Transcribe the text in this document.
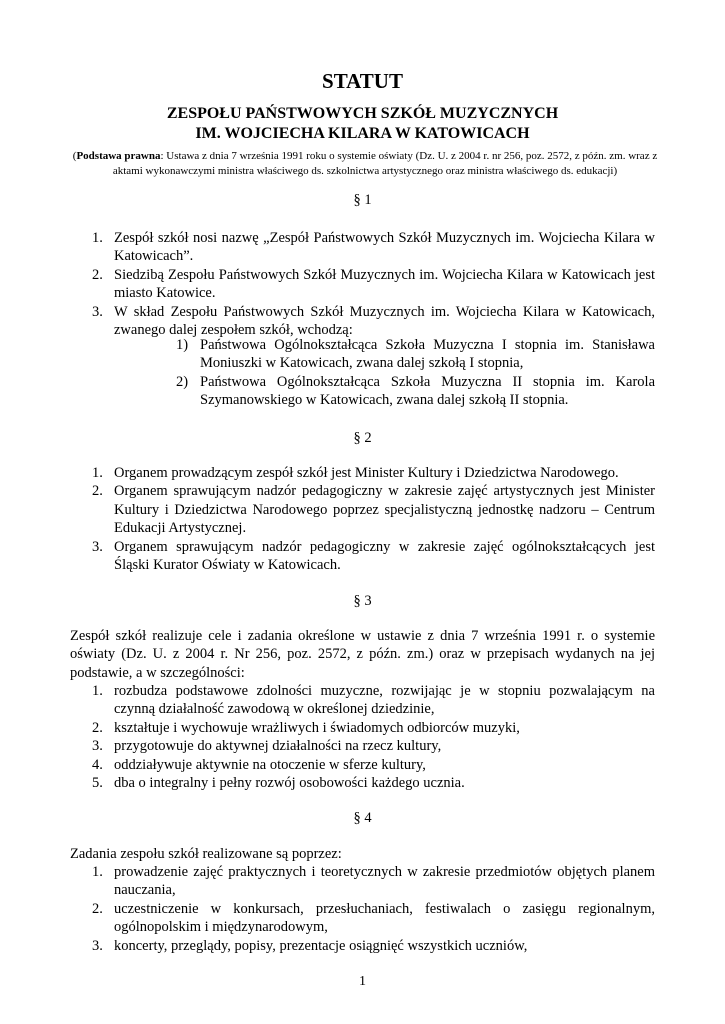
STATUT
ZESPOŁU PAŃSTWOWYCH SZKÓŁ MUZYCZNYCH
IM. WOJCIECHA KILARA W KATOWICACH
(Podstawa prawna: Ustawa z dnia 7 września 1991 roku o systemie oświaty (Dz. U. z 2004 r. nr 256, poz. 2572, z późn. zm. wraz z aktami wykonawczymi ministra właściwego ds. szkolnictwa artystycznego oraz ministra właściwego ds. edukacji)
§ 1
1. Zespół szkół nosi nazwę „Zespół Państwowych Szkół Muzycznych im. Wojciecha Kilara w Katowicach”.
2. Siedzibą Zespołu Państwowych Szkół Muzycznych im. Wojciecha Kilara w Katowicach jest miasto Katowice.
3. W skład Zespołu Państwowych Szkół Muzycznych im. Wojciecha Kilara w Katowicach, zwanego dalej zespołem szkół, wchodzą:
1) Państwowa Ogólnokształcąca Szkoła Muzyczna I stopnia im. Stanisława Moniuszki w Katowicach, zwana dalej szkołą I stopnia,
2) Państwowa Ogólnokształcąca Szkoła Muzyczna II stopnia im. Karola Szymanowskiego w Katowicach, zwana dalej szkołą II stopnia.
§ 2
1. Organem prowadzącym zespół szkół jest Minister Kultury i Dziedzictwa Narodowego.
2. Organem sprawującym nadzór pedagogiczny w zakresie zajęć artystycznych jest Minister Kultury i Dziedzictwa Narodowego poprzez specjalistyczną jednostkę nadzoru – Centrum Edukacji Artystycznej.
3. Organem sprawującym nadzór pedagogiczny w zakresie zajęć ogólnokształcących jest Śląski Kurator Oświaty w Katowicach.
§ 3
Zespół szkół realizuje cele i zadania określone w ustawie z dnia 7 września 1991 r. o systemie oświaty (Dz. U. z 2004 r. Nr 256, poz. 2572, z późn. zm.) oraz w przepisach wydanych na jej podstawie, a w szczególności:
1. rozbudza podstawowe zdolności muzyczne, rozwijając je w stopniu pozwalającym na czynną działalność zawodową w określonej dziedzinie,
2. kształtuje i wychowuje wrażliwych i świadomych odbiorców muzyki,
3. przygotowuje do aktywnej działalności na rzecz kultury,
4. oddziaływuje aktywnie na otoczenie w sferze kultury,
5. dba o integralny i pełny rozwój osobowości każdego ucznia.
§ 4
Zadania zespołu szkół realizowane są poprzez:
1. prowadzenie zajęć praktycznych i teoretycznych w zakresie przedmiotów objętych planem nauczania,
2. uczestniczenie w konkursach, przesłuchaniach, festiwalach o zasięgu regionalnym, ogólnopolskim i międzynarodowym,
3. koncerty, przeglądy, popisy, prezentacje osiągnięć wszystkich uczniów,
1
